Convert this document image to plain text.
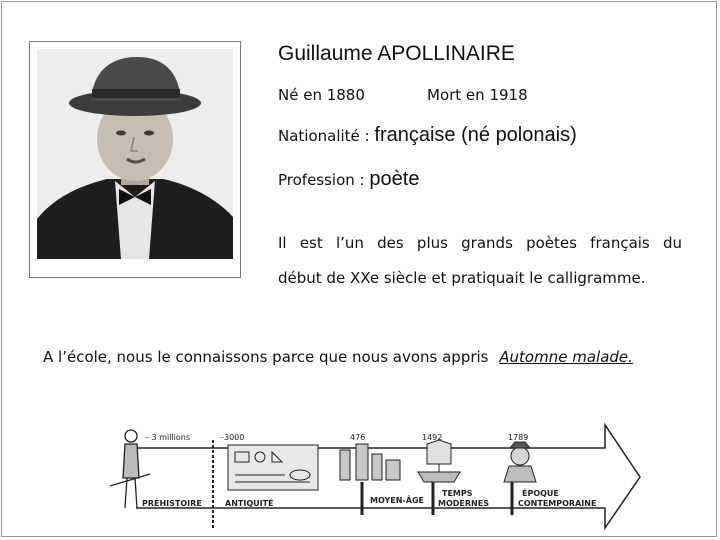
Guillaume APOLLINAIRE
Né en 1880	Mort en 1918
Nationalité : française (né polonais)
Profession : poète
Il est l’un des plus grands poètes français du
début de XXe siècle et pratiquait le calligramme.
A l’école, nous le connaissons parce que nous avons appris Automne malade.
– 3 millions	–3000	476	1492	1789
PRÉHISTOIRE	ANTIQUITÉ	MOYEN-ÂGE
TEMPS
MODERNES
ÉPOQUE
CONTEMPORAINE
